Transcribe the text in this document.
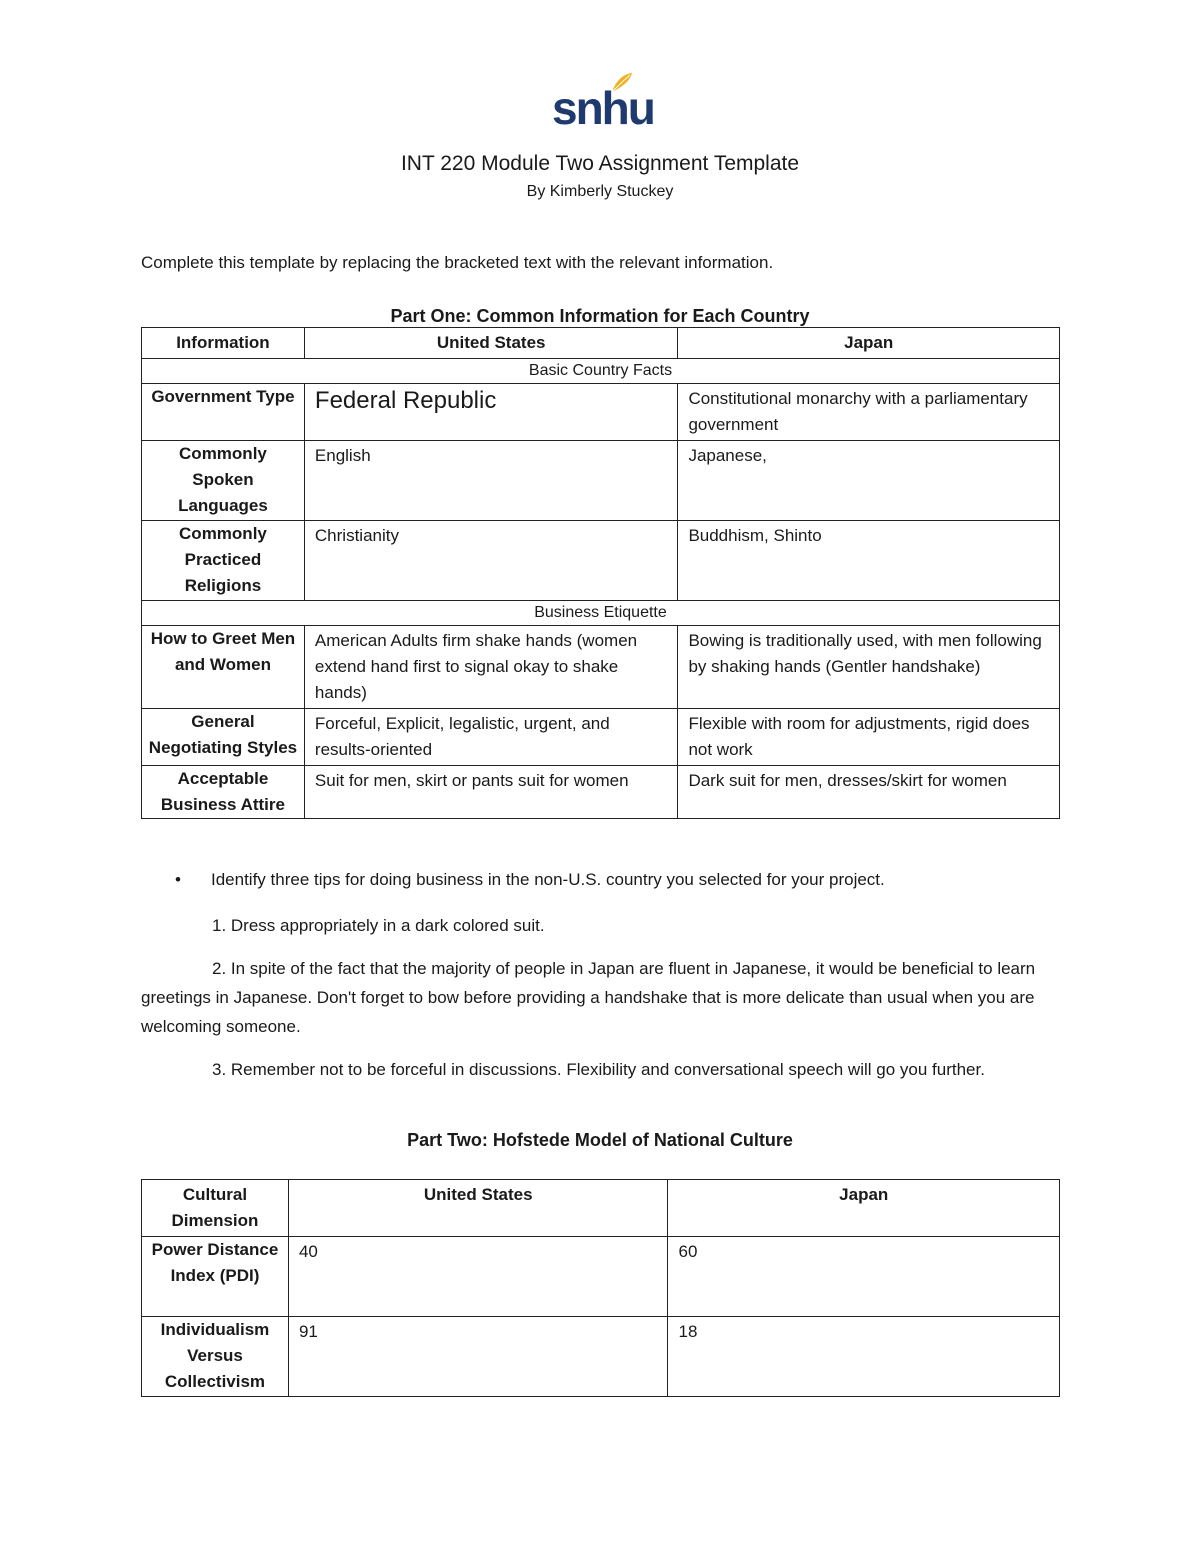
snhu
INT 220 Module Two Assignment Template
By Kimberly Stuckey
Complete this template by replacing the bracketed text with the relevant information.
Part One: Common Information for Each Country
Information	United States	Japan
Basic Country Facts		
Government Type	Federal Republic	Constitutional monarchy with a parliamentary government
Commonly Spoken Languages	English	Japanese,
Commonly Practiced Religions	Christianity	Buddhism, Shinto
Business Etiquette		
How to Greet Men and Women	American Adults firm shake hands (women extend hand first to signal okay to shake hands)	Bowing is traditionally used, with men following by shaking hands (Gentler handshake)
General Negotiating Styles	Forceful, Explicit, legalistic, urgent, and results-oriented	Flexible with room for adjustments, rigid does not work
Acceptable Business Attire	Suit for men, skirt or pants suit for women	Dark suit for men, dresses/skirt for women
• Identify three tips for doing business in the non-U.S. country you selected for your project.
1. Dress appropriately in a dark colored suit.
2. In spite of the fact that the majority of people in Japan are fluent in Japanese, it would be beneficial to learn greetings in Japanese. Don't forget to bow before providing a handshake that is more delicate than usual when you are welcoming someone.
3. Remember not to be forceful in discussions. Flexibility and conversational speech will go you further.
Part Two: Hofstede Model of National Culture
Cultural Dimension	United States	Japan
Power Distance Index (PDI)	40	60
Individualism Versus Collectivism	91	18
